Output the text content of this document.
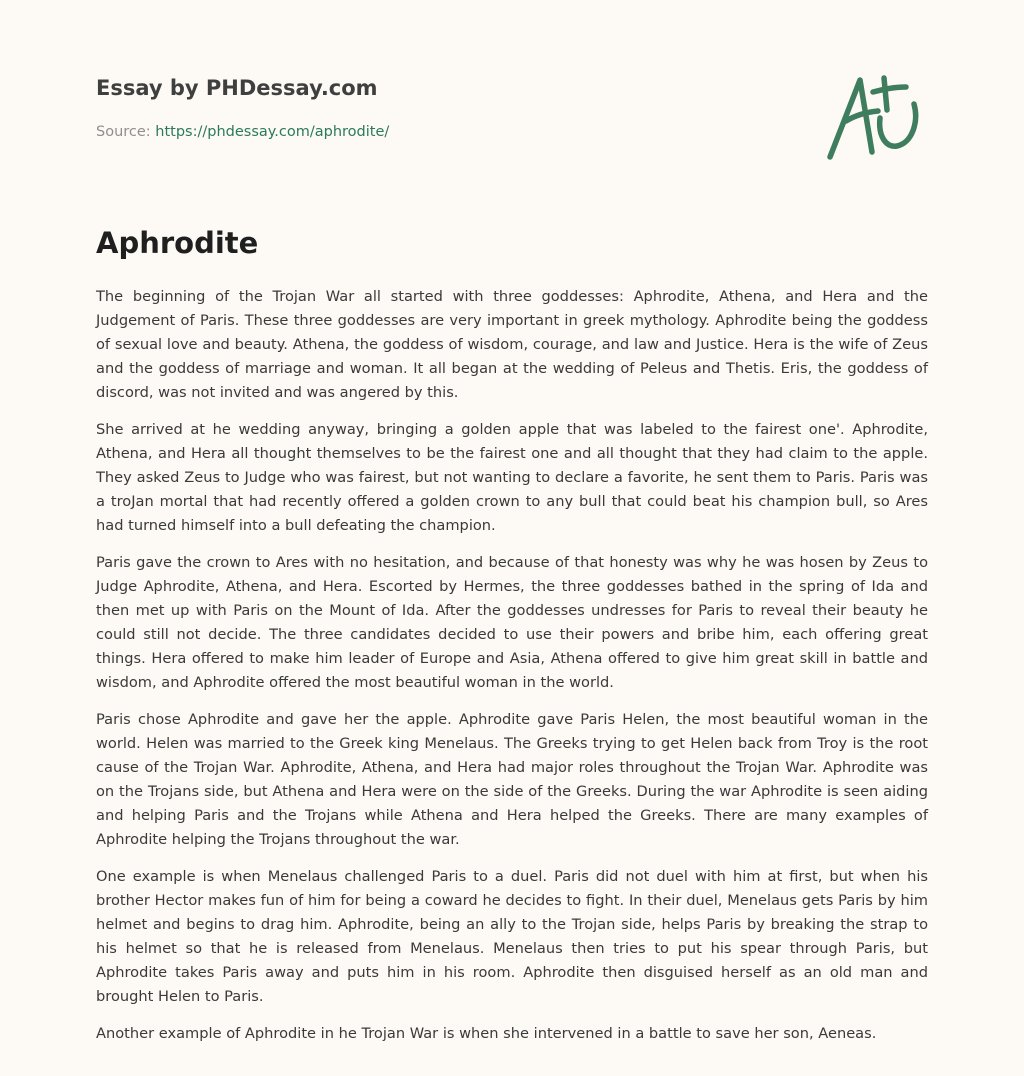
Essay by PHDessay.com

Source: https://phdessay.com/aphrodite/

Aphrodite

The beginning of the Trojan War all started with three goddesses: Aphrodite, Athena, and Hera and the Judgement of Paris. These three goddesses are very important in greek mythology. Aphrodite being the goddess of sexual love and beauty. Athena, the goddess of wisdom, courage, and law and Justice. Hera is the wife of Zeus and the goddess of marriage and woman. It all began at the wedding of Peleus and Thetis. Eris, the goddess of discord, was not invited and was angered by this.

She arrived at he wedding anyway, bringing a golden apple that was labeled to the fairest one'. Aphrodite, Athena, and Hera all thought themselves to be the fairest one and all thought that they had claim to the apple. They asked Zeus to Judge who was fairest, but not wanting to declare a favorite, he sent them to Paris. Paris was a troJan mortal that had recently offered a golden crown to any bull that could beat his champion bull, so Ares had turned himself into a bull defeating the champion.

Paris gave the crown to Ares with no hesitation, and because of that honesty was why he was hosen by Zeus to Judge Aphrodite, Athena, and Hera. Escorted by Hermes, the three goddesses bathed in the spring of Ida and then met up with Paris on the Mount of Ida. After the goddesses undresses for Paris to reveal their beauty he could still not decide. The three candidates decided to use their powers and bribe him, each offering great things. Hera offered to make him leader of Europe and Asia, Athena offered to give him great skill in battle and wisdom, and Aphrodite offered the most beautiful woman in the world.

Paris chose Aphrodite and gave her the apple. Aphrodite gave Paris Helen, the most beautiful woman in the world. Helen was married to the Greek king Menelaus. The Greeks trying to get Helen back from Troy is the root cause of the Trojan War. Aphrodite, Athena, and Hera had major roles throughout the Trojan War. Aphrodite was on the Trojans side, but Athena and Hera were on the side of the Greeks. During the war Aphrodite is seen aiding and helping Paris and the Trojans while Athena and Hera helped the Greeks. There are many examples of Aphrodite helping the Trojans throughout the war.

One example is when Menelaus challenged Paris to a duel. Paris did not duel with him at first, but when his brother Hector makes fun of him for being a coward he decides to fight. In their duel, Menelaus gets Paris by him helmet and begins to drag him. Aphrodite, being an ally to the Trojan side, helps Paris by breaking the strap to his helmet so that he is released from Menelaus. Menelaus then tries to put his spear through Paris, but Aphrodite takes Paris away and puts him in his room. Aphrodite then disguised herself as an old man and brought Helen to Paris.

Another example of Aphrodite in he Trojan War is when she intervened in a battle to save her son, Aeneas.
